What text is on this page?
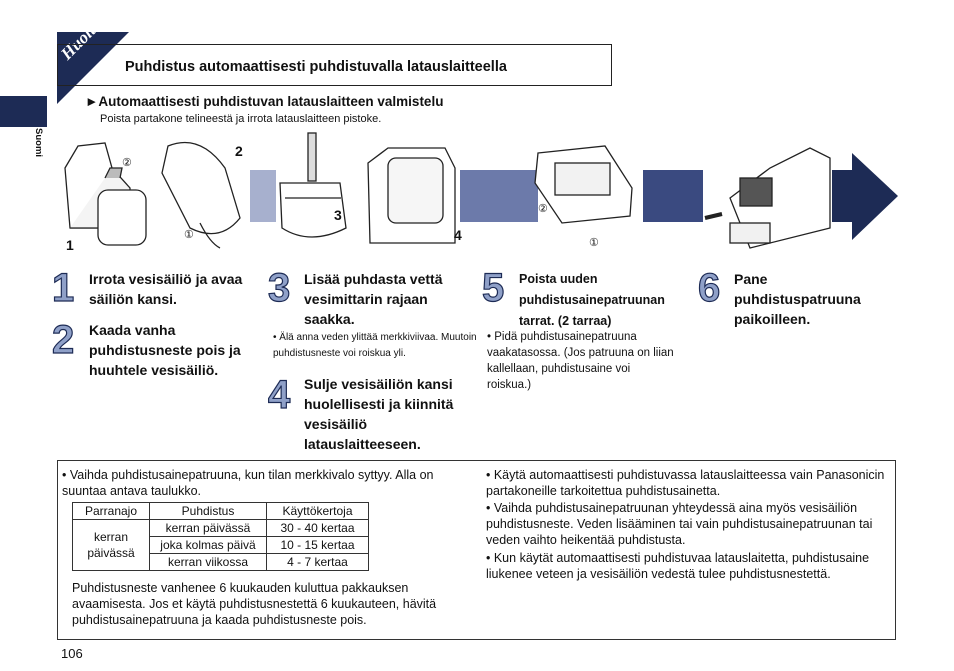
Huolto
Puhdistus automaattisesti puhdistuvalla latauslaitteella
Suomi
►Automaattisesti puhdistuvan latauslaitteen valmistelu
Poista partakone telineestä ja irrota latauslaitteen pistoke.
1
2
3
4
②
①
②
①
1 Irrota vesisäiliö ja avaa säiliön kansi.
2 Kaada vanha puhdistusneste pois ja huuhtele vesisäiliö.
3 Lisää puhdasta vettä vesimittarin rajaan saakka.
• Älä anna veden ylittää merkkiviivaa. Muutoin puhdistusneste voi roiskua yli.
4 Sulje vesisäiliön kansi huolellisesti ja kiinnitä vesisäiliö latauslaitteeseen.
5 Poista uuden puhdistusainepatruunan tarrat. (2 tarraa)
• Pidä puhdistusainepatruuna vaakatasossa. (Jos patruuna on liian kallellaan, puhdistusaine voi roiskua.)
6 Pane puhdistuspatruuna paikoilleen.
• Vaihda puhdistusainepatruuna, kun tilan merkkivalo syttyy. Alla on suuntaa antava taulukko.
Parranajo	Puhdistus	Käyttökertoja
kerran päivässä	kerran päivässä	30 - 40 kertaa
	joka kolmas päivä	10 - 15 kertaa
	kerran viikossa	4 - 7 kertaa
Puhdistusneste vanhenee 6 kuukauden kuluttua pakkauksen avaamisesta. Jos et käytä puhdistusnestettä 6 kuukauteen, hävitä puhdistusainepatruuna ja kaada puhdistusneste pois.
• Käytä automaattisesti puhdistuvassa latauslaitteessa vain Panasonicin partakoneille tarkoitettua puhdistusainetta.
• Vaihda puhdistusainepatruunan yhteydessä aina myös vesisäiliön puhdistusneste. Veden lisääminen tai vain puhdistusainepatruunan tai veden vaihto heikentää puhdistusta.
• Kun käytät automaattisesti puhdistuvaa latauslaitetta, puhdistusaine liukenee veteen ja vesisäiliön vedestä tulee puhdistusnestettä.
106
